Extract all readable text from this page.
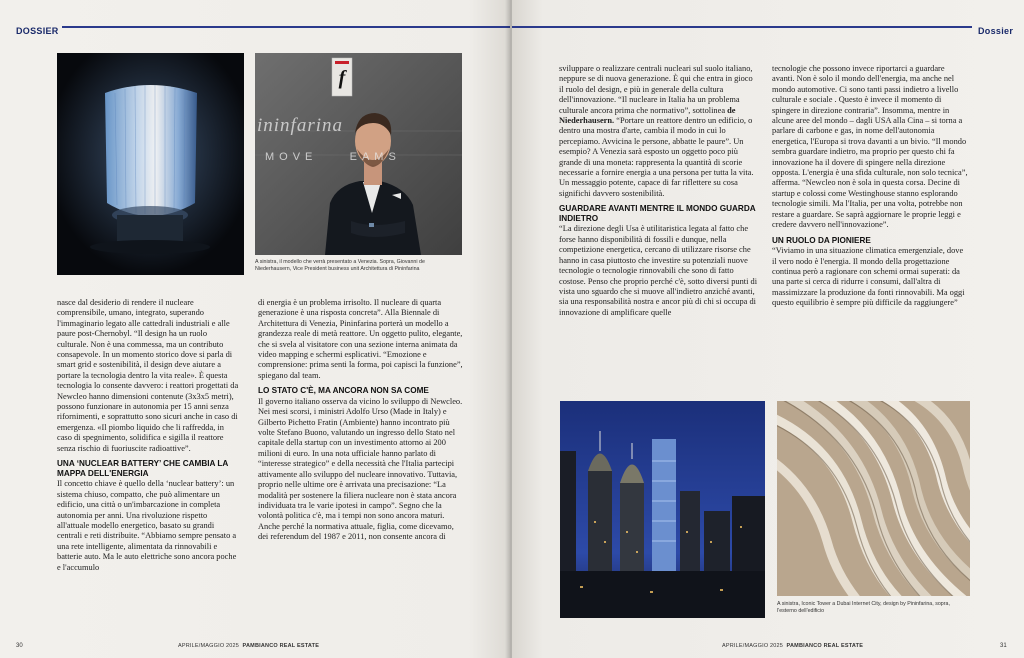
DOSSIER
f
ininfarina
MOVE    EAMS
A sinistra, il modello che verrà presentato a Venezia. Sopra, Giovanni de Niederhausern, Vice President business unit Architettura di Pininfarina

nasce dal desiderio di rendere il nucleare comprensibile, umano, integrato, superando l'immaginario legato alle cattedrali industriali e alle paure post-Chernobyl. “Il design ha un ruolo culturale. Non è una commessa, ma un contributo consapevole. In un momento storico dove si parla di smart grid e sostenibilità, il design deve aiutare a portare la tecnologia dentro la vita reale». È questa tecnologia lo consente davvero: i reattori progettati da Newcleo hanno dimensioni contenute (3x3x5 metri), possono funzionare in autonomia per 15 anni senza rifornimenti, e soprattutto sono sicuri anche in caso di emergenza. «Il piombo liquido che li raffredda, in caso di spegnimento, solidifica e sigilla il reattore senza rischio di fuoriuscite radioattive”.

UNA ‘NUCLEAR BATTERY’ CHE CAMBIA LA MAPPA DELL'ENERGIA

Il concetto chiave è quello della ‘nuclear battery’: un sistema chiuso, compatto, che può alimentare un edificio, una città o un'imbarcazione in completa autonomia per anni. Una rivoluzione rispetto all'attuale modello energetico, basato su grandi centrali e reti distribuite. “Abbiamo sempre pensato a una rete intelligente, alimentata da rinnovabili e batterie auto. Ma le auto elettriche sono ancora poche e l'accumulo

di energia è un problema irrisolto. Il nucleare di quarta generazione è una risposta concreta”. Alla Biennale di Architettura di Venezia, Pininfarina porterà un modello a grandezza reale di metà reattore. Un oggetto pulito, elegante, che si svela al visitatore con una sezione interna animata da video mapping e schermi esplicativi. “Emozione e comprensione: prima senti la forma, poi capisci la funzione”, spiegano dal team.

LO STATO C'È, MA ANCORA NON SA COME

Il governo italiano osserva da vicino lo sviluppo di Newcleo. Nei mesi scorsi, i ministri Adolfo Urso (Made in Italy) e Gilberto Pichetto Fratin (Ambiente) hanno incontrato più volte Stefano Buono, valutando un ingresso dello Stato nel capitale della startup con un investimento attorno ai 200 milioni di euro. In una nota ufficiale hanno parlato di “interesse strategico” e della necessità che l'Italia partecipi attivamente allo sviluppo del nucleare innovativo. Tuttavia, proprio nelle ultime ore è arrivata una precisazione: “La modalità per sostenere la filiera nucleare non è stata ancora individuata tra le varie ipotesi in campo”. Segno che la volontà politica c'è, ma i tempi non sono ancora maturi. Anche perché la normativa attuale, figlia, come dicevamo, dei referendum del 1987 e 2011, non consente ancora di

30	APRILE/MAGGIO 2025 PAMBIANCO REAL ESTATE
Dossier

sviluppare o realizzare centrali nucleari sul suolo italiano, neppure se di nuova generazione. È qui che entra in gioco il ruolo del design, e più in generale della cultura dell'innovazione. “Il nucleare in Italia ha un problema culturale ancora prima che normativo”, sottolinea de Niederhausern. “Portare un reattore dentro un edificio, o dentro una mostra d'arte, cambia il modo in cui lo percepiamo. Avvicina le persone, abbatte le paure”. Un esempio? A Venezia sarà esposto un oggetto poco più grande di una moneta: rappresenta la quantità di scorie necessarie a fornire energia a una persona per tutta la vita. Un messaggio potente, capace di far riflettere su cosa significhi davvero sostenibilità.

GUARDARE AVANTI MENTRE IL MONDO GUARDA INDIETRO

“La direzione degli Usa è utilitaristica legata al fatto che forse hanno disponibilità di fossili e dunque, nella competizione energetica, cercano di utilizzare risorse che hanno in casa piuttosto che investire su potenziali nuove tecnologie o tecnologie rinnovabili che sono di fatto costose. Penso che proprio perché c'è, sotto diversi punti di vista uno sguardo che si muove all'indietro anziché avanti, sia una responsabilità nostra e ancor più di chi si occupa di innovazione di amplificare quelle

tecnologie che possono invece riportarci a guardare avanti. Non è solo il mondo dell'energia, ma anche nel mondo automotive. Ci sono tanti passi indietro a livello culturale e sociale . Questo è invece il momento di spingere in direzione contraria”. Insomma, mentre in alcune aree del mondo – dagli USA alla Cina – si torna a parlare di carbone e gas, in nome dell'autonomia energetica, l'Europa si trova davanti a un bivio. “Il mondo sembra guardare indietro, ma proprio per questo chi fa innovazione ha il dovere di spingere nella direzione opposta. L'energia è una sfida culturale, non solo tecnica”, afferma. “Newcleo non è sola in questa corsa. Decine di startup e colossi come Westinghouse stanno esplorando tecnologie simili. Ma l'Italia, per una volta, potrebbe non restare a guardare. Se saprà aggiornare le proprie leggi e credere davvero nell'innovazione”.

UN RUOLO DA PIONIERE

“Viviamo in una situazione climatica emergenziale, dove il vero nodo è l'energia. Il mondo della progettazione continua però a ragionare con schemi ormai superati: da una parte si cerca di ridurre i consumi, dall'altra di massimizzare la produzione da fonti rinnovabili. Ma oggi questo equilibrio è sempre più difficile da raggiungere”

A sinistra, Iconic Tower a Dubai Internet City, design by Pininfarina, sopra, l'esterno dell'edificio
APRILE/MAGGIO 2025 PAMBIANCO REAL ESTATE	31
